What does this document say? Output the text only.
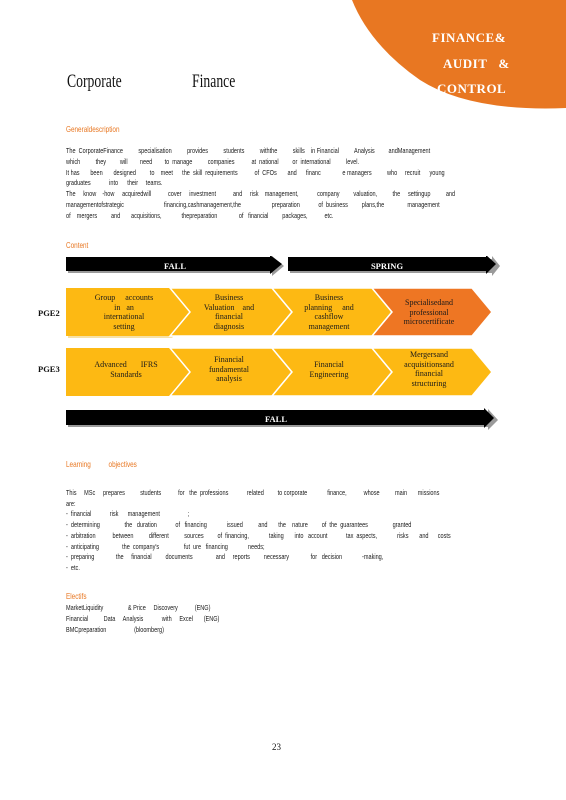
FINANCE&
AUDIT   &
CONTROL
Corporate	Finance
Generaldescription
The  CorporateFinance          specialisation          provides          students          withthe          skills    in Financial          Analysis         andManagement
which          they         will        need        to  manage          companies           at  national         or  international          level.
It has       been       designed         to    meet      the  skill  requirements           of  CFOs       and      financ              e managers          who     recruit      young
graduates            into      their     teams.
The     know    -how     acquiredwill           cover     investment           and     risk    management,            company         valuation,          the     settingup          and
managementofstrategic                          financing,cashmanagement,the                    preparation            of  business         plans,the               management
of    mergers         and       acquisitions,             thepreparation              of   financial         packages,           etc.
Content
FALL	SPRING
PGE2
PGE3
Group     accounts
in   an
international
setting
Business
Valuation    and
financial
diagnosis
Business
planning     and
cashflow
management
Specialisedand
professional
microcertificate
Advanced       IFRS
Standards
Financial
fundamental
analysis
Financial
Engineering
Mergersand
acquisitionsand
financial
structuring
FALL
Learning          objectives
This     MSc     prepares          students           for   the  professions            related         to corporate             finance,           whose          main       missions
are:
-  financial            risk      management                  ;
-  determining                the   duration            of   financing             issued          and       the    nature         of  the  guarantees                granted
-  arbitration           between          different          sources         of  financing,             taking       into   account            tax  aspects,             risks       and      costs
-  anticipating               the  company's                fut  ure   financing             needs;
-  preparing              the     financial         documents               and     reports         necessary              for   decision             -making,
-  etc.
Electifs
MarketLiquidity                & Price     Discovery           (ENG)
Financial          Data     Analysis            with     Excel       (ENG)
BMCpreparation                  (bloomberg)
23
